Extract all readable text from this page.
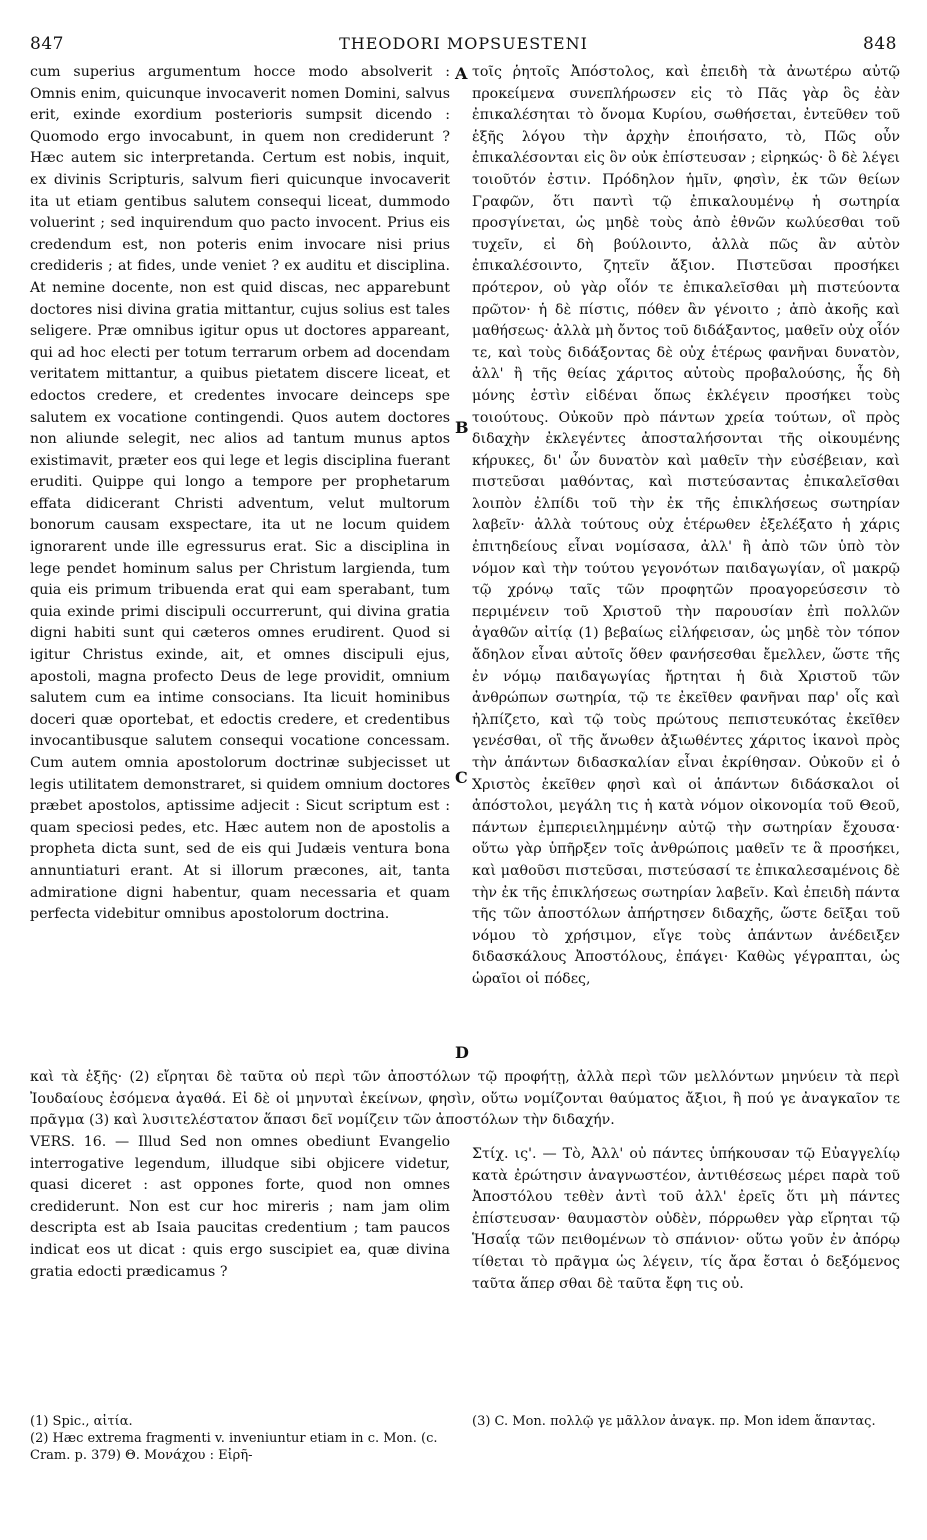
847	THEODORI MOPSUESTENI	848

cum superius argumentum hocce modo absolverit : Omnis enim, quicunque invocaverit nomen Domini, salvus erit, exinde exordium posterioris sumpsit dicendo : Quomodo ergo invocabunt, in quem non crediderunt ? Hæc autem sic interpretanda. Certum est nobis, inquit, ex divinis Scripturis, salvum fieri quicunque invocaverit ita ut etiam gentibus salutem consequi liceat, dummodo voluerint ; sed inquirendum quo pacto invocent. Prius eis credendum est, non poteris enim invocare nisi prius credideris ; at fides, unde veniet ? ex auditu et disciplina. At nemine docente, non est quid discas, nec apparebunt doctores nisi divina gratia mittantur, cujus solius est tales seligere. Præ omnibus igitur opus ut doctores appareant, qui ad hoc electi per totum terrarum orbem ad docendam veritatem mittantur, a quibus pietatem discere liceat, et edoctos credere, et credentes invocare deinceps spe salutem ex vocatione contingendi. Quos autem doctores non aliunde selegit, nec alios ad tantum munus aptos existimavit, præter eos qui lege et legis disciplina fuerant eruditi. Quippe qui longo a tempore per prophetarum effata didicerant Christi adventum, velut multorum bonorum causam exspectare, ita ut ne locum quidem ignorarent unde ille egressurus erat. Sic a disciplina in lege pendet hominum salus per Christum largienda, tum quia eis primum tribuenda erat qui eam sperabant, tum quia exinde primi discipuli occurrerunt, qui divina gratia digni habiti sunt qui cæteros omnes erudirent. Quod si igitur Christus exinde, ait, et omnes discipuli ejus, apostoli, magna profecto Deus de lege providit, omnium salutem cum ea intime consocians. Ita licuit hominibus doceri quæ oportebat, et edoctis credere, et credentibus invocantibusque salutem consequi vocatione concessam. Cum autem omnia apostolorum doctrinæ subjecisset ut legis utilitatem demonstraret, si quidem omnium doctores præbet apostolos, aptissime adjecit : Sicut scriptum est : quam speciosi pedes, etc. Hæc autem non de apostolis a propheta dicta sunt, sed de eis qui Judæis ventura bona annuntiaturi erant. At si illorum præcones, ait, tanta admiratione digni habentur, quam necessaria et quam perfecta videbitur omnibus apostolorum doctrina.

τοῖς ῥητοῖς Ἀπόστολος, καὶ ἐπειδὴ τὰ ἀνωτέρω αὐτῷ προκείμενα συνεπλήρωσεν εἰς τὸ Πᾶς γὰρ ὃς ἐὰν ἐπικαλέσηται τὸ ὄνομα Κυρίου, σωθήσεται, ἐντεῦθεν τοῦ ἑξῆς λόγου τὴν ἀρχὴν ἐποιήσατο, τὸ, Πῶς οὖν ἐπικαλέσονται εἰς ὃν οὐκ ἐπίστευσαν ; εἰρηκώς· ὃ δὲ λέγει τοιοῦτόν ἐστιν. Πρόδηλον ἡμῖν, φησὶν, ἐκ τῶν θείων Γραφῶν, ὅτι παντὶ τῷ ἐπικαλουμένῳ ἡ σωτηρία προσγίνεται, ὡς μηδὲ τοὺς ἀπὸ ἐθνῶν κωλύεσθαι τοῦ τυχεῖν, εἰ δὴ βούλοιντο, ἀλλὰ πῶς ἂν αὐτὸν ἐπικαλέσοιντο, ζητεῖν ἄξιον. Πιστεῦσαι προσήκει πρότερον, οὐ γὰρ οἷόν τε ἐπικαλεῖσθαι μὴ πιστεύοντα πρῶτον· ἡ δὲ πίστις, πόθεν ἂν γένοιτο ; ἀπὸ ἀκοῆς καὶ μαθήσεως· ἀλλὰ μὴ ὄντος τοῦ διδάξαντος, μαθεῖν οὐχ οἷόν τε, καὶ τοὺς διδάξοντας δὲ οὐχ ἑτέρως φανῆναι δυνατὸν, ἀλλ' ἢ τῆς θείας χάριτος αὐτοὺς προβαλούσης, ἧς δὴ μόνης ἐστὶν εἰδέναι ὅπως ἐκλέγειν προσήκει τοὺς τοιούτους. Οὐκοῦν πρὸ πάντων χρεία τούτων, οἳ πρὸς διδαχὴν ἐκλεγέντες ἀποσταλήσονται τῆς οἰκουμένης κήρυκες, δι' ὧν δυνατὸν καὶ μαθεῖν τὴν εὐσέβειαν, καὶ πιστεῦσαι μαθόντας, καὶ πιστεύσαντας ἐπικαλεῖσθαι λοιπὸν ἐλπίδι τοῦ τὴν ἐκ τῆς ἐπικλήσεως σωτηρίαν λαβεῖν· ἀλλὰ τούτους οὐχ ἑτέρωθεν ἐξελέξατο ἡ χάρις ἐπιτηδείους εἶναι νομίσασα, ἀλλ' ἢ ἀπὸ τῶν ὑπὸ τὸν νόμον καὶ τὴν τούτου γεγονότων παιδαγωγίαν, οἳ μακρῷ τῷ χρόνῳ ταῖς τῶν προφητῶν προαγορεύσεσιν τὸ περιμένειν τοῦ Χριστοῦ τὴν παρουσίαν ἐπὶ πολλῶν ἀγαθῶν αἰτίᾳ (1) βεβαίως εἰλήφεισαν, ὡς μηδὲ τὸν τόπον ἄδηλον εἶναι αὐτοῖς ὅθεν φανήσεσθαι ἔμελλεν, ὥστε τῆς ἐν νόμῳ παιδαγωγίας ἤρτηται ἡ διὰ Χριστοῦ τῶν ἀνθρώπων σωτηρία, τῷ τε ἐκεῖθεν φανῆναι παρ' οἷς καὶ ἠλπίζετο, καὶ τῷ τοὺς πρώτους πεπιστευκότας ἐκεῖθεν γενέσθαι, οἳ τῆς ἄνωθεν ἀξιωθέντες χάριτος ἱκανοὶ πρὸς τὴν ἁπάντων διδασκαλίαν εἶναι ἐκρίθησαν. Οὐκοῦν εἰ ὁ Χριστὸς ἐκεῖθεν φησὶ καὶ οἱ ἁπάντων διδάσκαλοι οἱ ἀπόστολοι, μεγάλη τις ἡ κατὰ νόμον οἰκονομία τοῦ Θεοῦ, πάντων ἐμπεριειλημμένην αὐτῷ τὴν σωτηρίαν ἔχουσα· οὕτω γὰρ ὑπῆρξεν τοῖς ἀνθρώποις μαθεῖν τε ἃ προσήκει, καὶ μαθοῦσι πιστεῦσαι, πιστεύσασί τε ἐπικαλεσαμένοις δὲ τὴν ἐκ τῆς ἐπικλήσεως σωτηρίαν λαβεῖν. Καὶ ἐπειδὴ πάντα τῆς τῶν ἀποστόλων ἀπήρτησεν διδαχῆς, ὥστε δεῖξαι τοῦ νόμου τὸ χρήσιμον, εἴγε τοὺς ἁπάντων ἀνέδειξεν διδασκάλους Ἀποστόλους, ἐπάγει· Καθὼς γέγραπται, ὡς ὡραῖοι οἱ πόδες,

A
B
C
D
καὶ τὰ ἑξῆς· (2) εἴρηται δὲ ταῦτα οὐ περὶ τῶν ἀποστόλων τῷ προφήτῃ, ἀλλὰ περὶ τῶν μελλόντων μηνύειν τὰ περὶ Ἰουδαίους ἐσόμενα ἀγαθά. Εἰ δὲ οἱ μηνυταὶ ἐκείνων, φησὶν, οὕτω νομίζονται θαύματος ἄξιοι, ἢ πού γε ἀναγκαῖον τε πρᾶγμα (3) καὶ λυσιτελέστατον ἅπασι δεῖ νομίζειν τῶν ἀποστόλων τὴν διδαχήν.

VERS. 16. — Illud Sed non omnes obediunt Evangelio interrogative legendum, illudque sibi objicere videtur, quasi diceret : ast oppones forte, quod non omnes crediderunt. Non est cur hoc mireris ; nam jam olim descripta est ab Isaia paucitas credentium ; tam paucos indicat eos ut dicat : quis ergo suscipiet ea, quæ divina gratia edocti prædicamus ?

Στίχ. ις'. — Τὸ, Ἀλλ' οὐ πάντες ὑπήκουσαν τῷ Εὐαγγελίῳ κατὰ ἐρώτησιν ἀναγνωστέον, ἀντιθέσεως μέρει παρὰ τοῦ Ἀποστόλου τεθὲν ἀντὶ τοῦ ἀλλ' ἐρεῖς ὅτι μὴ πάντες ἐπίστευσαν· θαυμαστὸν οὐδὲν, πόρρωθεν γὰρ εἴρηται τῷ Ἡσαΐᾳ τῶν πειθομένων τὸ σπάνιον· οὕτω γοῦν ἐν ἀπόρῳ τίθεται τὸ πρᾶγμα ὡς λέγειν, τίς ἄρα ἔσται ὁ δεξόμενος ταῦτα ἅπερ σθαι δὲ ταῦτα ἔφη τις οὐ.

(1) Spic., αἰτία.

(2) Hæc extrema fragmenti v. inveniuntur etiam in c. Mon. (c. Cram. p. 379) Θ. Μονάχου : Εἰρῆ-

(3) C. Mon. πολλῷ γε μᾶλλον ἀναγκ. πρ. Mon idem ἅπαντας.
